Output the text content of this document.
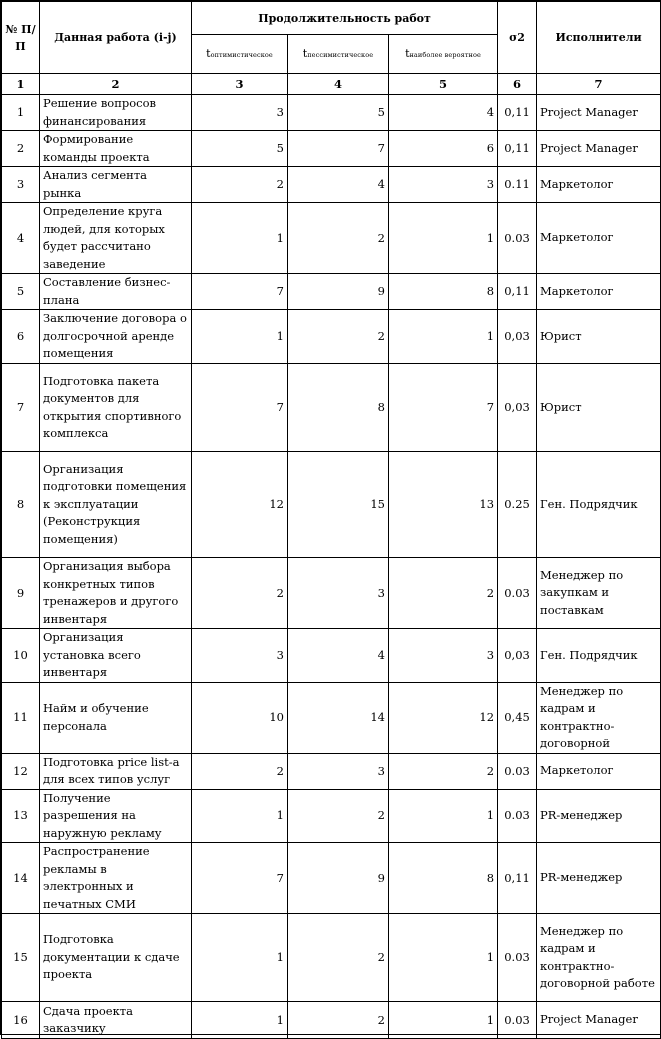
№ П/П	Данная работа (i-j)	Продолжительность работ			σ2	Исполнители
		tоптимистическое	tпессимистическое	tнаиболее вероятное		
1	2	3	4	5	6	7
1	Решение вопросов финансирования	3	5	4	0,11	Project Manager
2	Формирование команды проекта	5	7	6	0,11	Project Manager
3	Анализ сегмента рынка	2	4	3	0.11	Маркетолог
4	Определение круга людей, для которых будет рассчитано заведение	1	2	1	0.03	Маркетолог
5	Составление бизнес-плана	7	9	8	0,11	Маркетолог
6	Заключение договора о долгосрочной аренде помещения	1	2	1	0,03	Юрист
7	Подготовка пакета документов для открытия спортивного комплекса	7	8	7	0,03	Юрист
8	Организация подготовки помещения к эксплуатации (Реконструкция помещения)	12	15	13	0.25	Ген. Подрядчик
9	Организация выбора конкретных типов тренажеров и другого инвентаря	2	3	2	0.03	Менеджер по закупкам и поставкам
10	Организация установка всего инвентаря	3	4	3	0,03	Ген. Подрядчик
11	Найм и обучение персонала	10	14	12	0,45	Менеджер по кадрам и контрактно-договорной
12	Подготовка price list-а для всех типов услуг	2	3	2	0.03	Маркетолог
13	Получение разрешения на наружную рекламу	1	2	1	0.03	PR-менеджер
14	Распространение рекламы в электронных и печатных СМИ	7	9	8	0,11	PR-менеджер
15	Подготовка документации к сдаче проекта	1	2	1	0.03	Менеджер по кадрам и контрактно-договорной работе
16	Сдача проекта заказчику	1	2	1	0.03	Project Manager
